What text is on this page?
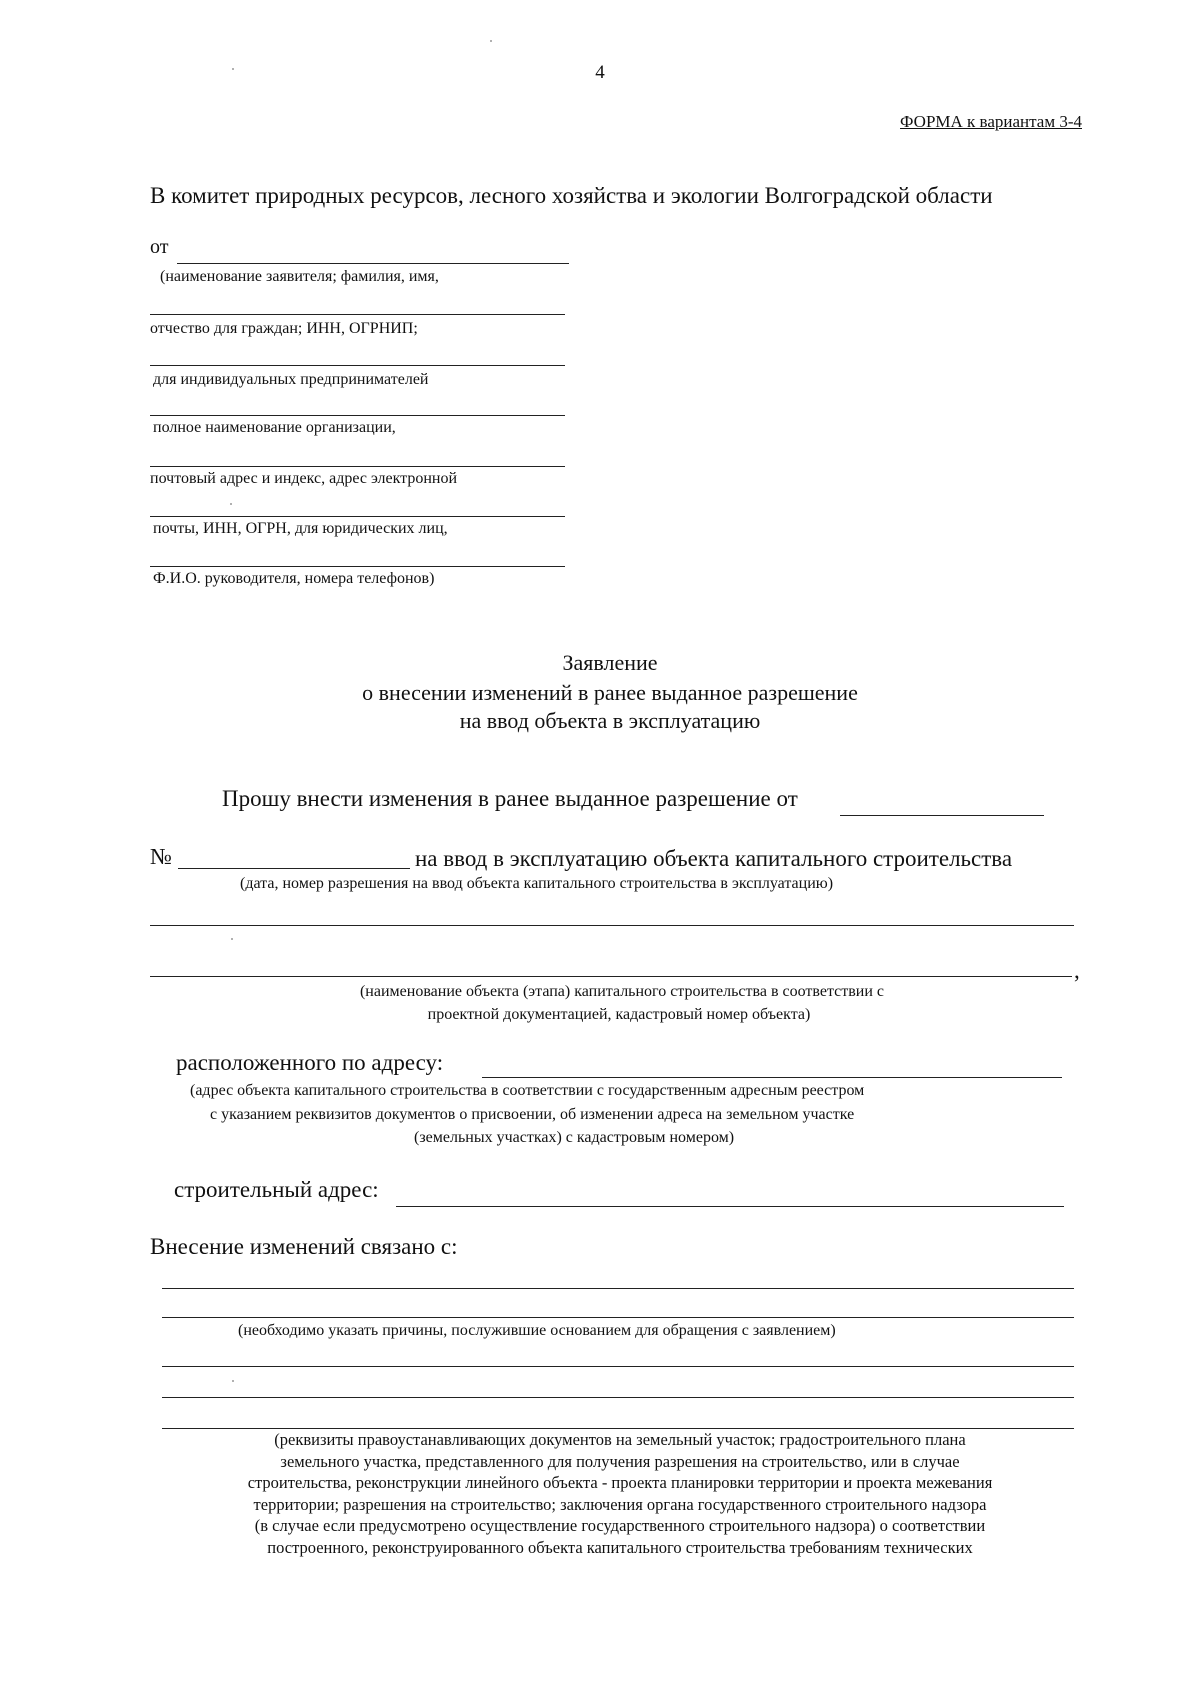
4
ФОРМА к вариантам 3-4
В комитет природных ресурсов, лесного хозяйства и экологии Волгоградской области
от
(наименование заявителя; фамилия, имя,
отчество для граждан; ИНН, ОГРНИП;
для индивидуальных предпринимателей
полное наименование организации,
почтовый адрес и индекс, адрес электронной
почты, ИНН, ОГРН, для юридических лиц,
Ф.И.О. руководителя, номера телефонов)
Заявление
о внесении изменений в ранее выданное разрешение
на ввод объекта в эксплуатацию
Прошу внести изменения в ранее выданное разрешение от
№	на ввод в эксплуатацию объекта капитального строительства
(дата, номер разрешения на ввод объекта капитального строительства в эксплуатацию)
,
(наименование объекта (этапа) капитального строительства в соответствии с
проектной документацией, кадастровый номер объекта)
расположенного по адресу:
(адрес объекта капитального строительства в соответствии с государственным адресным реестром
с указанием реквизитов документов о присвоении, об изменении адреса на земельном участке
(земельных участках) с кадастровым номером)
строительный адрес:
Внесение изменений связано с:
(необходимо указать причины, послужившие основанием для обращения с заявлением)
(реквизиты правоустанавливающих документов на земельный участок; градостроительного плана
земельного участка, представленного для получения разрешения на строительство, или в случае
строительства, реконструкции линейного объекта - проекта планировки территории и проекта межевания
территории; разрешения на строительство; заключения органа государственного строительного надзора
(в случае если предусмотрено осуществление государственного строительного надзора) о соответствии
построенного, реконструированного объекта капитального строительства требованиям технических
